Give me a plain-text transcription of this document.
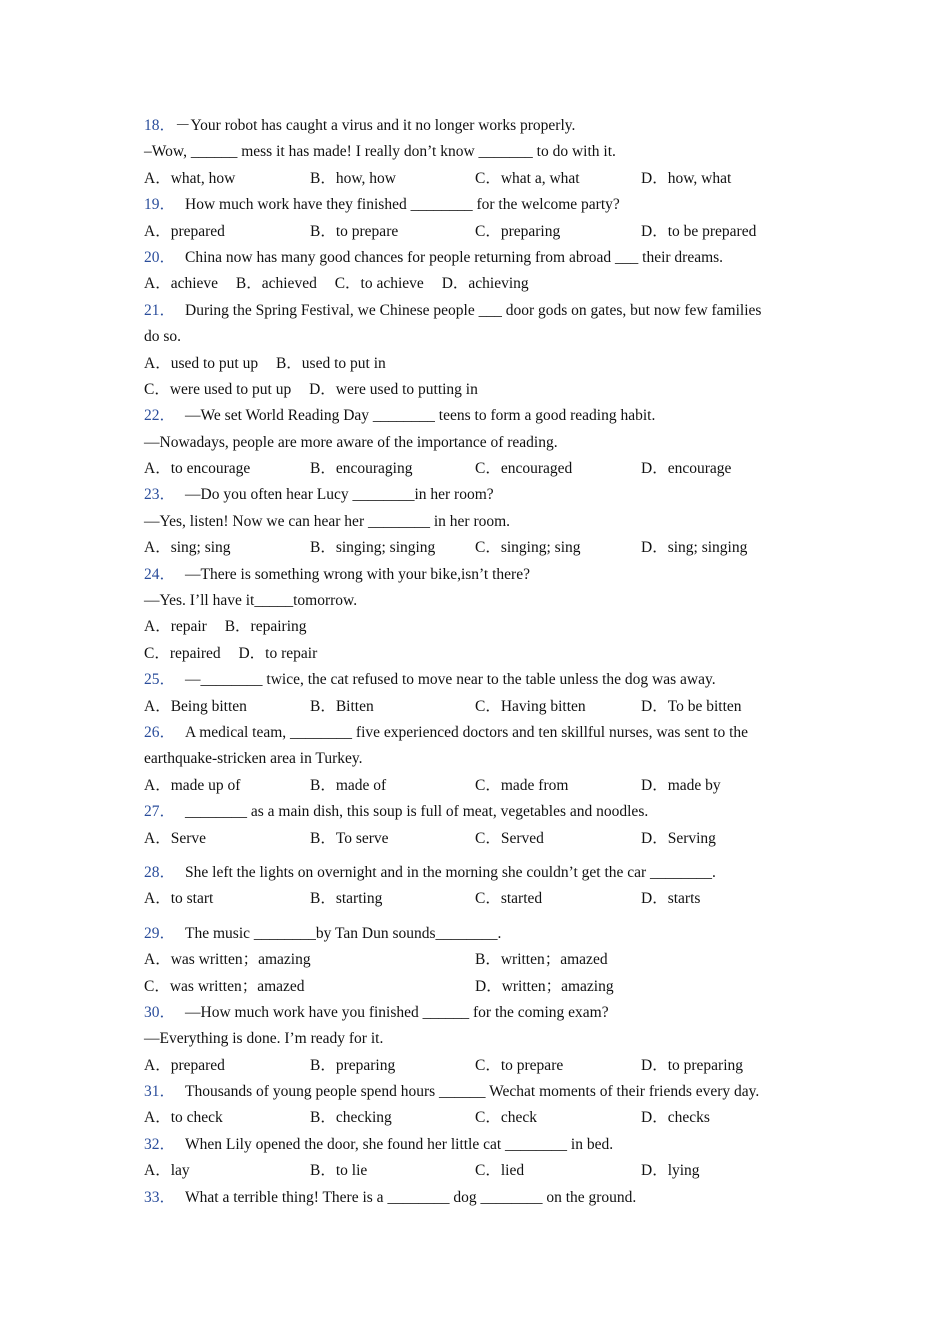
18．－Your robot has caught a virus and it no longer works properly.
–Wow, ______ mess it has made! I really don’t know _______ to do with it.
A．what, how	B．how, how	C．what a, what	D．how, what
19． How much work have they finished ________ for the welcome party?
A．prepared	B．to prepare	C．preparing	D．to be prepared
20． China now has many good chances for people returning from abroad ___ their dreams.
A．achieve B．achieved C．to achieve D．achieving
21． During the Spring Festival, we Chinese people ___ door gods on gates, but now few families
do so.
A．used to put up B．used to put in
C．were used to put up D．were used to putting in
22． —We set World Reading Day ________ teens to form a good reading habit.
—Nowadays, people are more aware of the importance of reading.
A．to encourage	B．encouraging	C．encouraged	D．encourage
23． —Do you often hear Lucy ________in her room?
—Yes, listen! Now we can hear her ________ in her room.
A．sing; sing	B．singing; singing	C．singing; sing	D．sing; singing
24． —There is something wrong with your bike,isn’t there?
—Yes. I’ll have it_____tomorrow.
A．repair B．repairing
C．repaired D．to repair
25． —________ twice, the cat refused to move near to the table unless the dog was away.
A．Being bitten	B．Bitten	C．Having bitten	D．To be bitten
26． A medical team, ________ five experienced doctors and ten skillful nurses, was sent to the
earthquake-stricken area in Turkey.
A．made up of	B．made of	C．made from	D．made by
27． ________ as a main dish, this soup is full of meat, vegetables and noodles.
A．Serve	B．To serve	C．Served	D．Serving
28． She left the lights on overnight and in the morning she couldn’t get the car ________.
A．to start	B．starting	C．started	D．starts
29． The music ________by Tan Dun sounds________.
A．was written；amazing	B．written；amazed
C．was written；amazed	D．written；amazing
30． —How much work have you finished ______ for the coming exam?
—Everything is done. I’m ready for it.
A．prepared	B．preparing	C．to prepare	D．to preparing
31． Thousands of young people spend hours ______ Wechat moments of their friends every day.
A．to check	B．checking	C．check	D．checks
32． When Lily opened the door, she found her little cat ________ in bed.
A．lay	B．to lie	C．lied	D．lying
33． What a terrible thing! There is a ________ dog ________ on the ground.
